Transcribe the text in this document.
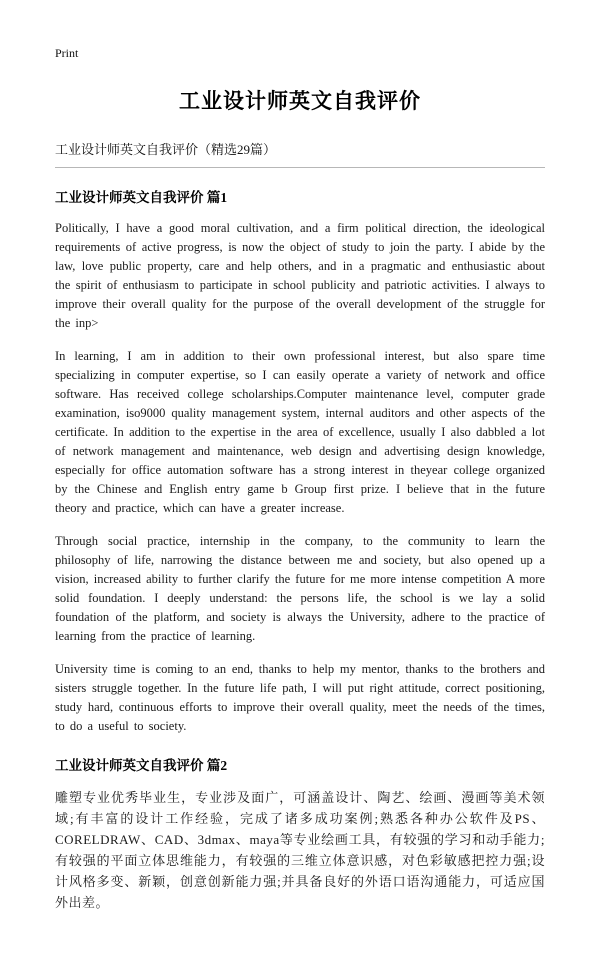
Print
工业设计师英文自我评价
工业设计师英文自我评价（精选29篇）
工业设计师英文自我评价 篇1

Politically, I have a good moral cultivation, and a firm political direction, the ideological requirements of active progress, is now the object of study to join the party. I abide by the law, love public property, care and help others, and in a pragmatic and enthusiastic about the spirit of enthusiasm to participate in school publicity and patriotic activities. I always to improve their overall quality for the purpose of the overall development of the struggle for the inp>

In learning, I am in addition to their own professional interest, but also spare time specializing in computer expertise, so I can easily operate a variety of network and office software. Has received college scholarships.Computer maintenance level, computer grade examination, iso9000 quality management system, internal auditors and other aspects of the certificate. In addition to the expertise in the area of excellence, usually I also dabbled a lot of network management and maintenance, web design and advertising design knowledge, especially for office automation software has a strong interest in theyear college organized by the Chinese and English entry game b Group first prize. I believe that in the future theory and practice, which can have a greater increase.

Through social practice, internship in the company, to the community to learn the philosophy of life, narrowing the distance between me and society, but also opened up a vision, increased ability to further clarify the future for me more intense competition A more solid foundation. I deeply understand: the persons life, the school is we lay a solid foundation of the platform, and society is always the University, adhere to the practice of learning from the practice of learning.

University time is coming to an end, thanks to help my mentor, thanks to the brothers and sisters struggle together. In the future life path, I will put right attitude, correct positioning, study hard, continuous efforts to improve their overall quality, meet the needs of the times, to do a useful to society.

工业设计师英文自我评价 篇2

雕塑专业优秀毕业生，专业涉及面广，可涵盖设计、陶艺、绘画、漫画等美术领域;有丰富的设计工作经验，完成了诸多成功案例;熟悉各种办公软件及PS、CORELDRAW、CAD、3dmax、maya等专业绘画工具，有较强的学习和动手能力;有较强的平面立体思维能力，有较强的三维立体意识感，对色彩敏感把控力强;设计风格多变、新颖，创意创新能力强;并具备良好的外语口语沟通能力，可适应国外出差。
